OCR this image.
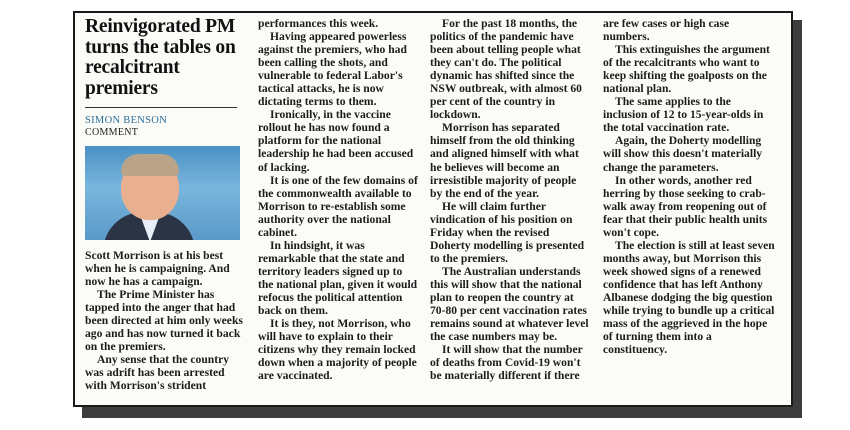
Reinvigorated PM turns the tables on recalcitrant premiers
SIMON BENSON
COMMENT

Scott Morrison is at his best when he is campaigning. And now he has a campaign.

The Prime Minister has tapped into the anger that had been directed at him only weeks ago and has now turned it back on the premiers.

Any sense that the country was adrift has been arrested with Morrison's strident

performances this week.

Having appeared powerless against the premiers, who had been calling the shots, and vulnerable to federal Labor's tactical attacks, he is now dictating terms to them.

Ironically, in the vaccine rollout he has now found a platform for the national leadership he had been accused of lacking.

It is one of the few domains of the commonwealth available to Morrison to re-establish some authority over the national cabinet.

In hindsight, it was remarkable that the state and territory leaders signed up to the national plan, given it would refocus the political attention back on them.

It is they, not Morrison, who will have to explain to their citizens why they remain locked down when a majority of people are vaccinated.

For the past 18 months, the politics of the pandemic have been about telling people what they can't do. The political dynamic has shifted since the NSW outbreak, with almost 60 per cent of the country in lockdown.

Morrison has separated himself from the old thinking and aligned himself with what he believes will become an irresistible majority of people by the end of the year.

He will claim further vindication of his position on Friday when the revised Doherty modelling is presented to the premiers.

The Australian understands this will show that the national plan to reopen the country at 70-80 per cent vaccination rates remains sound at whatever level the case numbers may be.

It will show that the number of deaths from Covid-19 won't be materially different if there

are few cases or high case numbers.

This extinguishes the argument of the recalcitrants who want to keep shifting the goalposts on the national plan.

The same applies to the inclusion of 12 to 15-year-olds in the total vaccination rate.

Again, the Doherty modelling will show this doesn't materially change the parameters.

In other words, another red herring by those seeking to crab-walk away from reopening out of fear that their public health units won't cope.

The election is still at least seven months away, but Morrison this week showed signs of a renewed confidence that has left Anthony Albanese dodging the big question while trying to bundle up a critical mass of the aggrieved in the hope of turning them into a constituency.
